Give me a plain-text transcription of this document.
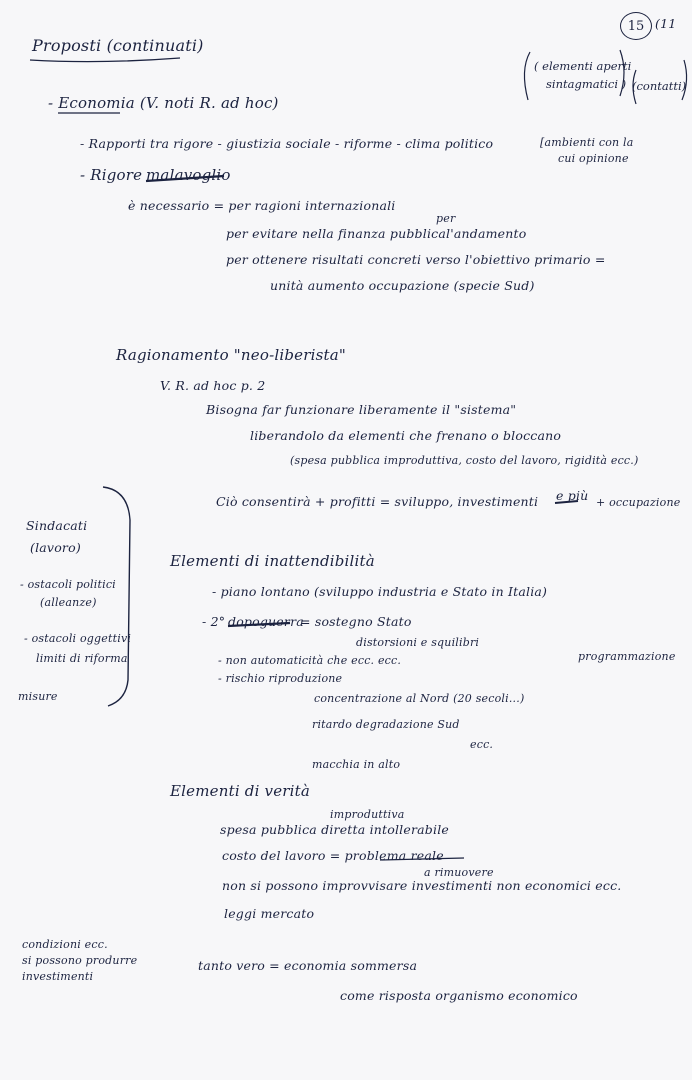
15 (11
Proposti (continuati)
( elementi aperti
sintagmatici ) (contatti)
- Economia (V. noti R. ad hoc)
- Rapporti tra rigore - giustizia sociale - riforme - clima politico	[ambienti con la
cui opinione
- Rigore malavoglio
è necessario = per ragioni internazionali
per
per evitare nella finanza pubblica l'andamento
per ottenere risultati concreti verso l'obiettivo primario =
unità aumento occupazione (specie Sud)
Ragionamento "neo-liberista"
V. R. ad hoc p. 2
Bisogna far funzionare liberamente il "sistema"
liberandolo da elementi che frenano o bloccano
(spesa pubblica improduttiva, costo del lavoro, rigidità ecc.)
Ciò consentirà + profitti = sviluppo, investimenti e più + occupazione
Sindacati
(lavoro)
- ostacoli politici
(alleanze)
- ostacoli oggettivi
limiti di riforma
misure
Elementi di inattendibilità
- piano lontano (sviluppo industria e Stato in Italia)
- 2° dopoguerra
= sostegno Stato
distorsioni e squilibri
- non automaticità che ecc. ecc.
- rischio riproduzione
programmazione
concentrazione al Nord (20 secoli...)
ritardo degradazione Sud
ecc.
macchia in alto
Elementi di verità
improduttiva
spesa pubblica diretta intollerabile
costo del lavoro = problema reale
a rimuovere
non si possono improvvisare investimenti non economici ecc.
leggi mercato
condizioni ecc.
si possono produrre
investimenti
tanto vero = economia sommersa
come risposta organismo economico
